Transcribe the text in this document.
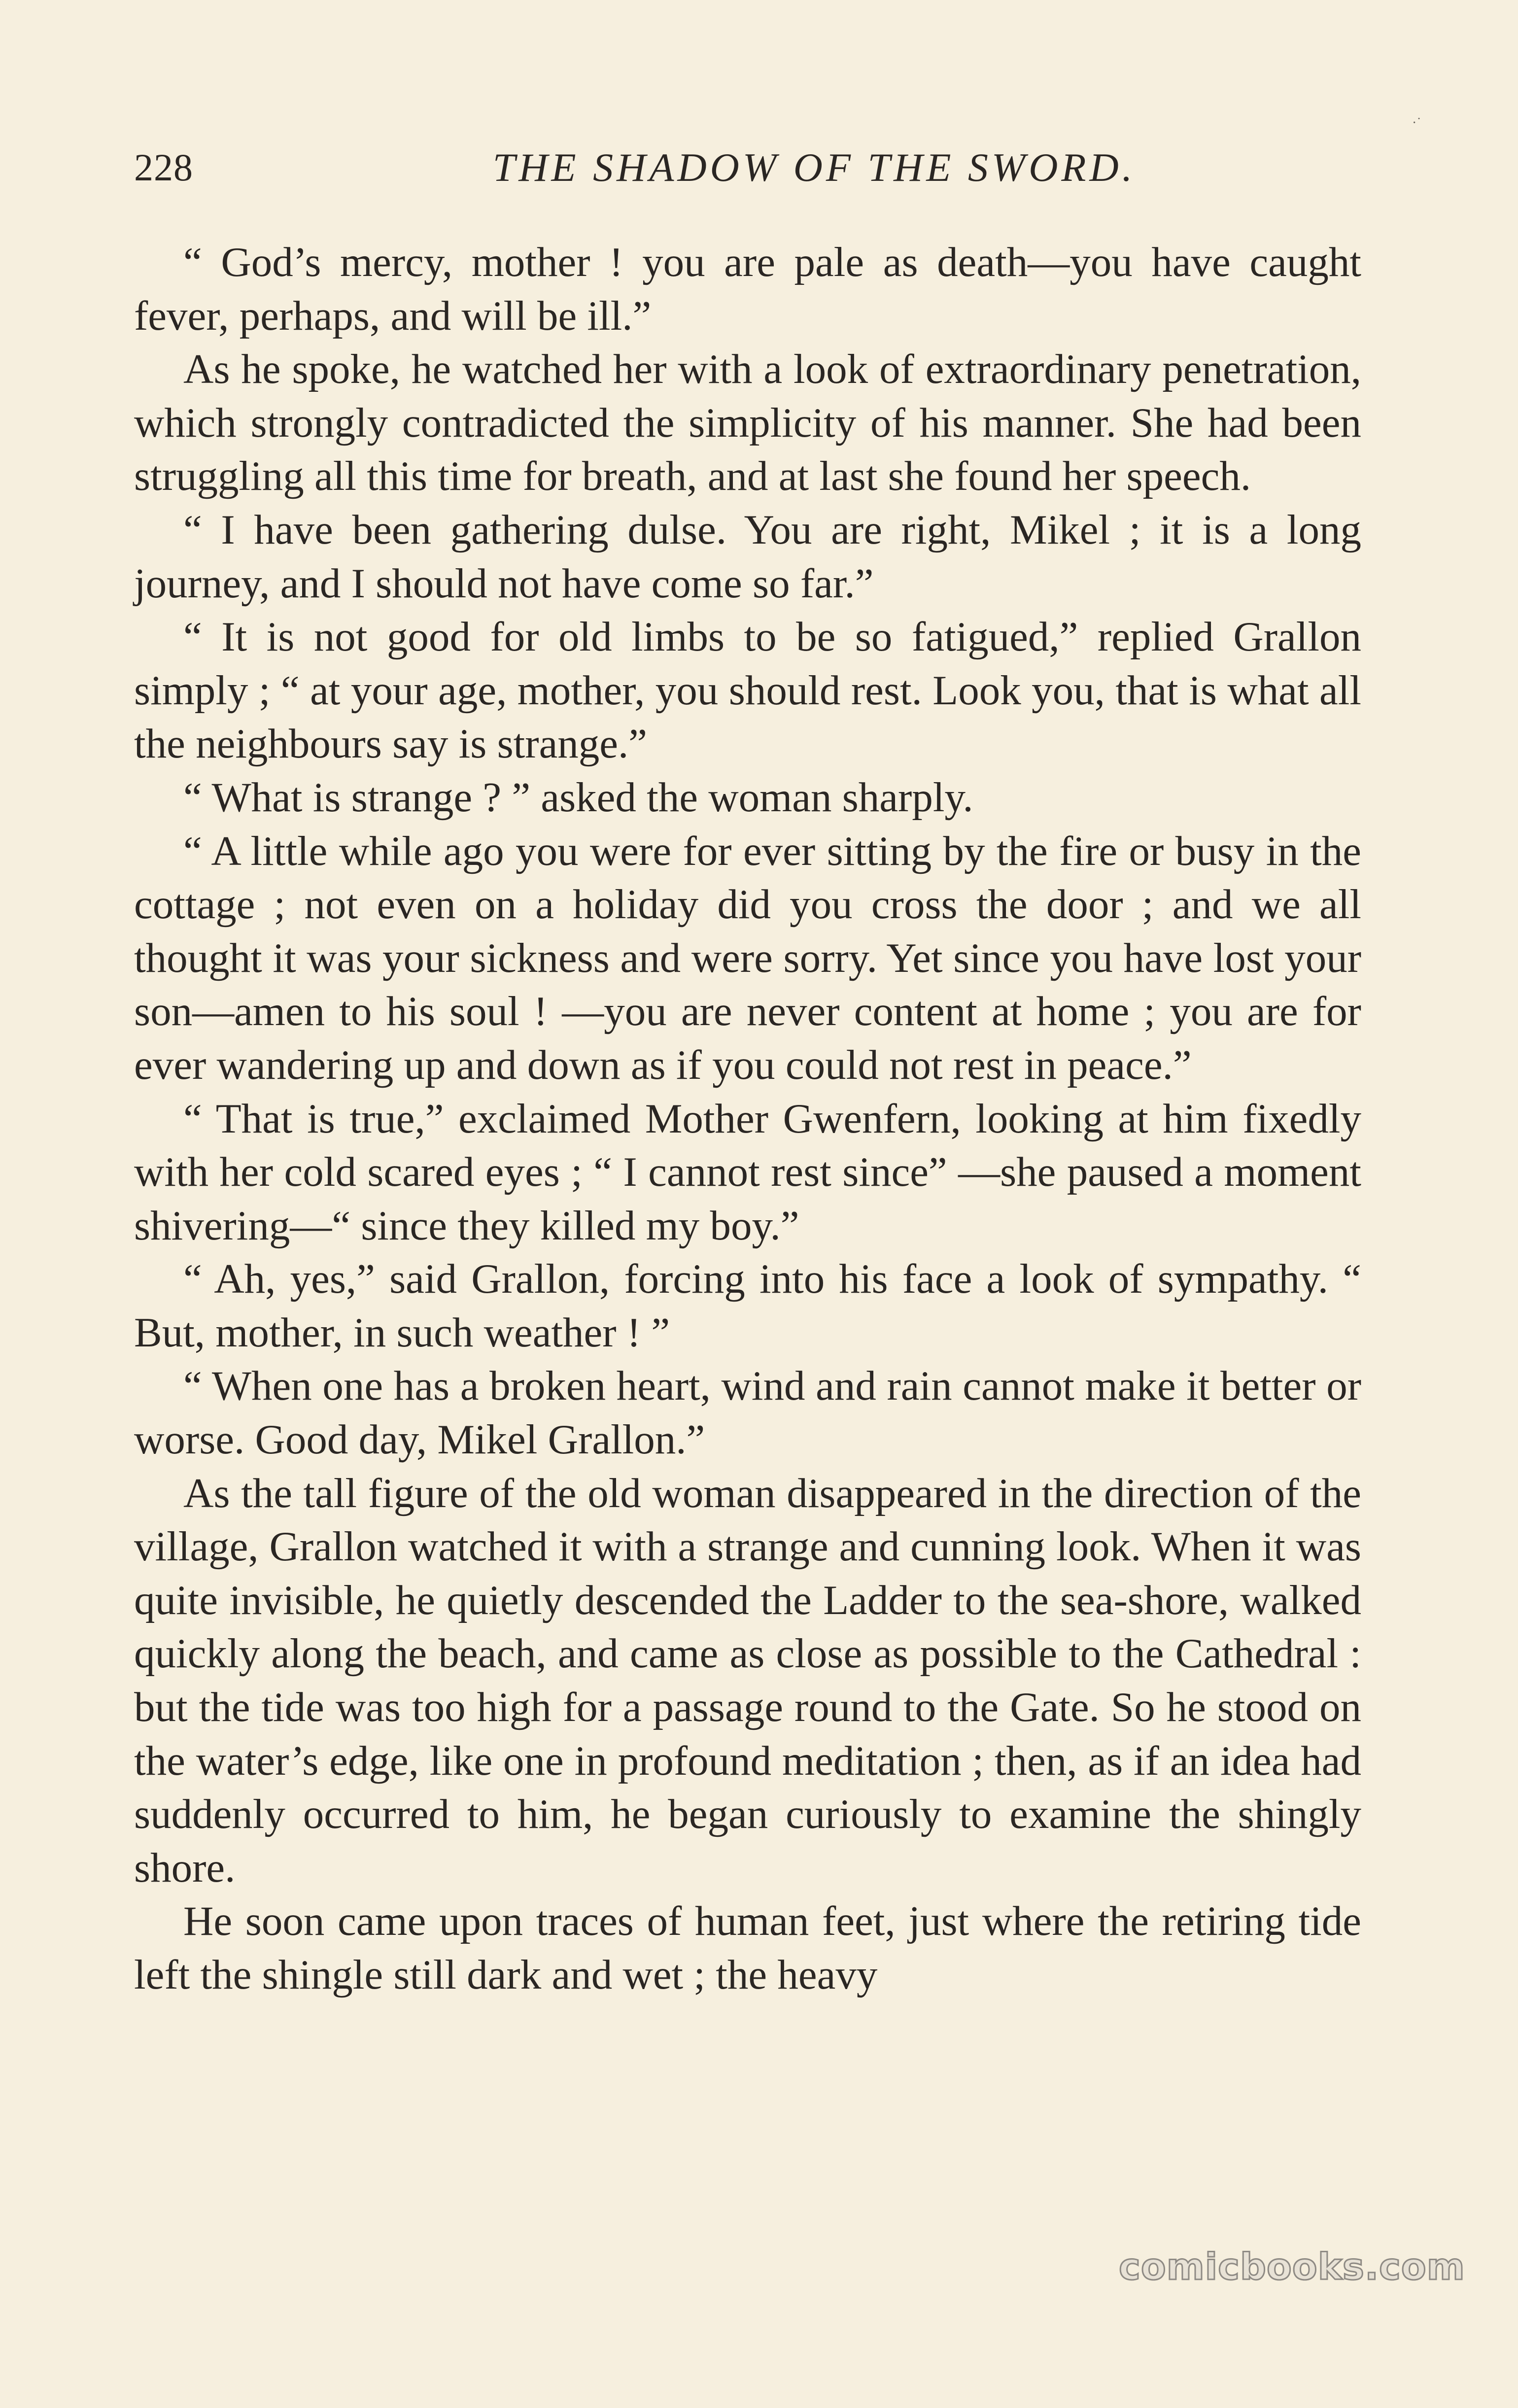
·˙
228	THE SHADOW OF THE SWORD.

“ God’s mercy, mother ! you are pale as death—you have caught fever, perhaps, and will be ill.”

As he spoke, he watched her with a look of extraordinary penetration, which strongly contradicted the simplicity of his manner. She had been struggling all this time for breath, and at last she found her speech.

“ I have been gathering dulse. You are right, Mikel ; it is a long journey, and I should not have come so far.”

“ It is not good for old limbs to be so fatigued,” replied Grallon simply ; “ at your age, mother, you should rest. Look you, that is what all the neighbours say is strange.”

“ What is strange ? ” asked the woman sharply.

“ A little while ago you were for ever sitting by the fire or busy in the cottage ; not even on a holiday did you cross the door ; and we all thought it was your sickness and were sorry. Yet since you have lost your son—amen to his soul ! —you are never content at home ; you are for ever wandering up and down as if you could not rest in peace.”

“ That is true,” exclaimed Mother Gwenfern, looking at him fixedly with her cold scared eyes ; “ I cannot rest since” —she paused a moment shivering—“ since they killed my boy.”

“ Ah, yes,” said Grallon, forcing into his face a look of sympathy. “ But, mother, in such weather ! ”

“ When one has a broken heart, wind and rain cannot make it better or worse. Good day, Mikel Grallon.”

As the tall figure of the old woman disappeared in the direction of the village, Grallon watched it with a strange and cunning look. When it was quite invisible, he quietly descended the Ladder to the sea-shore, walked quickly along the beach, and came as close as possible to the Cathedral : but the tide was too high for a passage round to the Gate. So he stood on the water’s edge, like one in profound meditation ; then, as if an idea had suddenly occurred to him, he began curiously to examine the shingly shore.

He soon came upon traces of human feet, just where the retiring tide left the shingle still dark and wet ; the heavy

comicbooks.com
